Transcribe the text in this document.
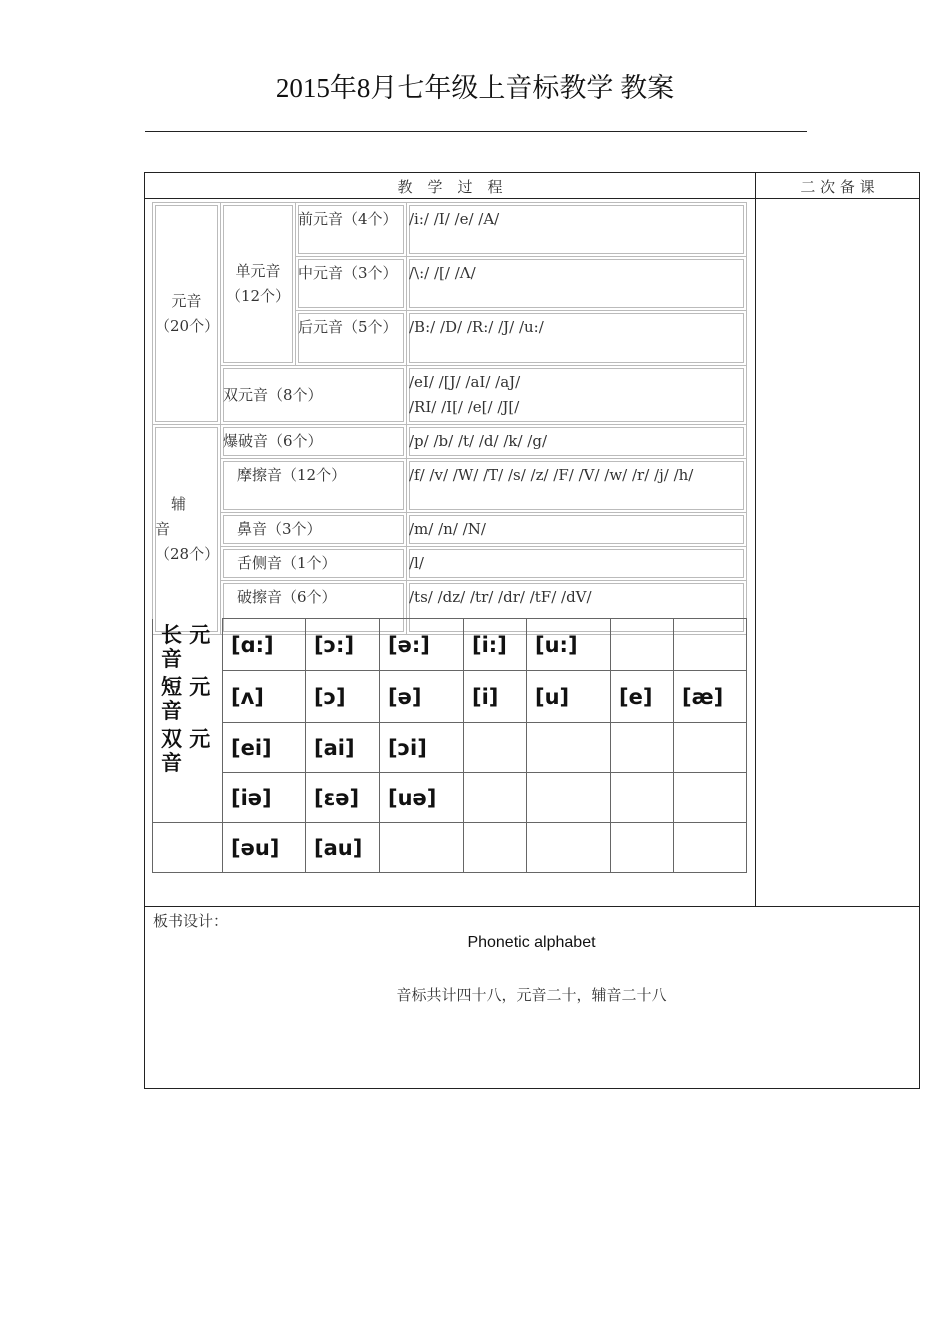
2015年8月七年级上音标教学 教案
教　学　过　程	二 次 备 课
元音（20个）	单元音（12个）	前元音（4个）	/i:/ /I/ /e/ /A/
		中元音（3个）	/\:/ /[/ /Λ/
		后元音（5个）	/B:/ /D/ /R:/ /J/ /u:/
	双元音（8个）		/eI/ /[J/ /aI/ /aJ/
/RI/ /I[/ /e[/ /J[/

辅
音
（28个）	爆破音（6个）		/p/ /b/ /t/ /d/ /k/ /g/
	摩擦音（12个）		/f/ /v/ /W/ /T/ /s/ /z/ /F/ /V/ /w/ /r/ /j/ /h/
	鼻音（3个）		/m/ /n/ /N/
	舌侧音（1个）		/l/
	破擦音（6个）		/ts/ /dz/ /tr/ /dr/ /tF/ /dV/
长 元 音	[ɑ:]	[ɔ:]	[ə:]	[i:]	[u:]		
短 元 音	[ʌ]	[ɔ]	[ə]	[i]	[u]	[e]	[æ]
双 元 音	[ei]	[ai]	[ɔi]				
	[iə]	[ɛə]	[uə]				
	[əu]	[au]					
板书设计：
Phonetic alphabet
音标共计四十八，元音二十，辅音二十八
